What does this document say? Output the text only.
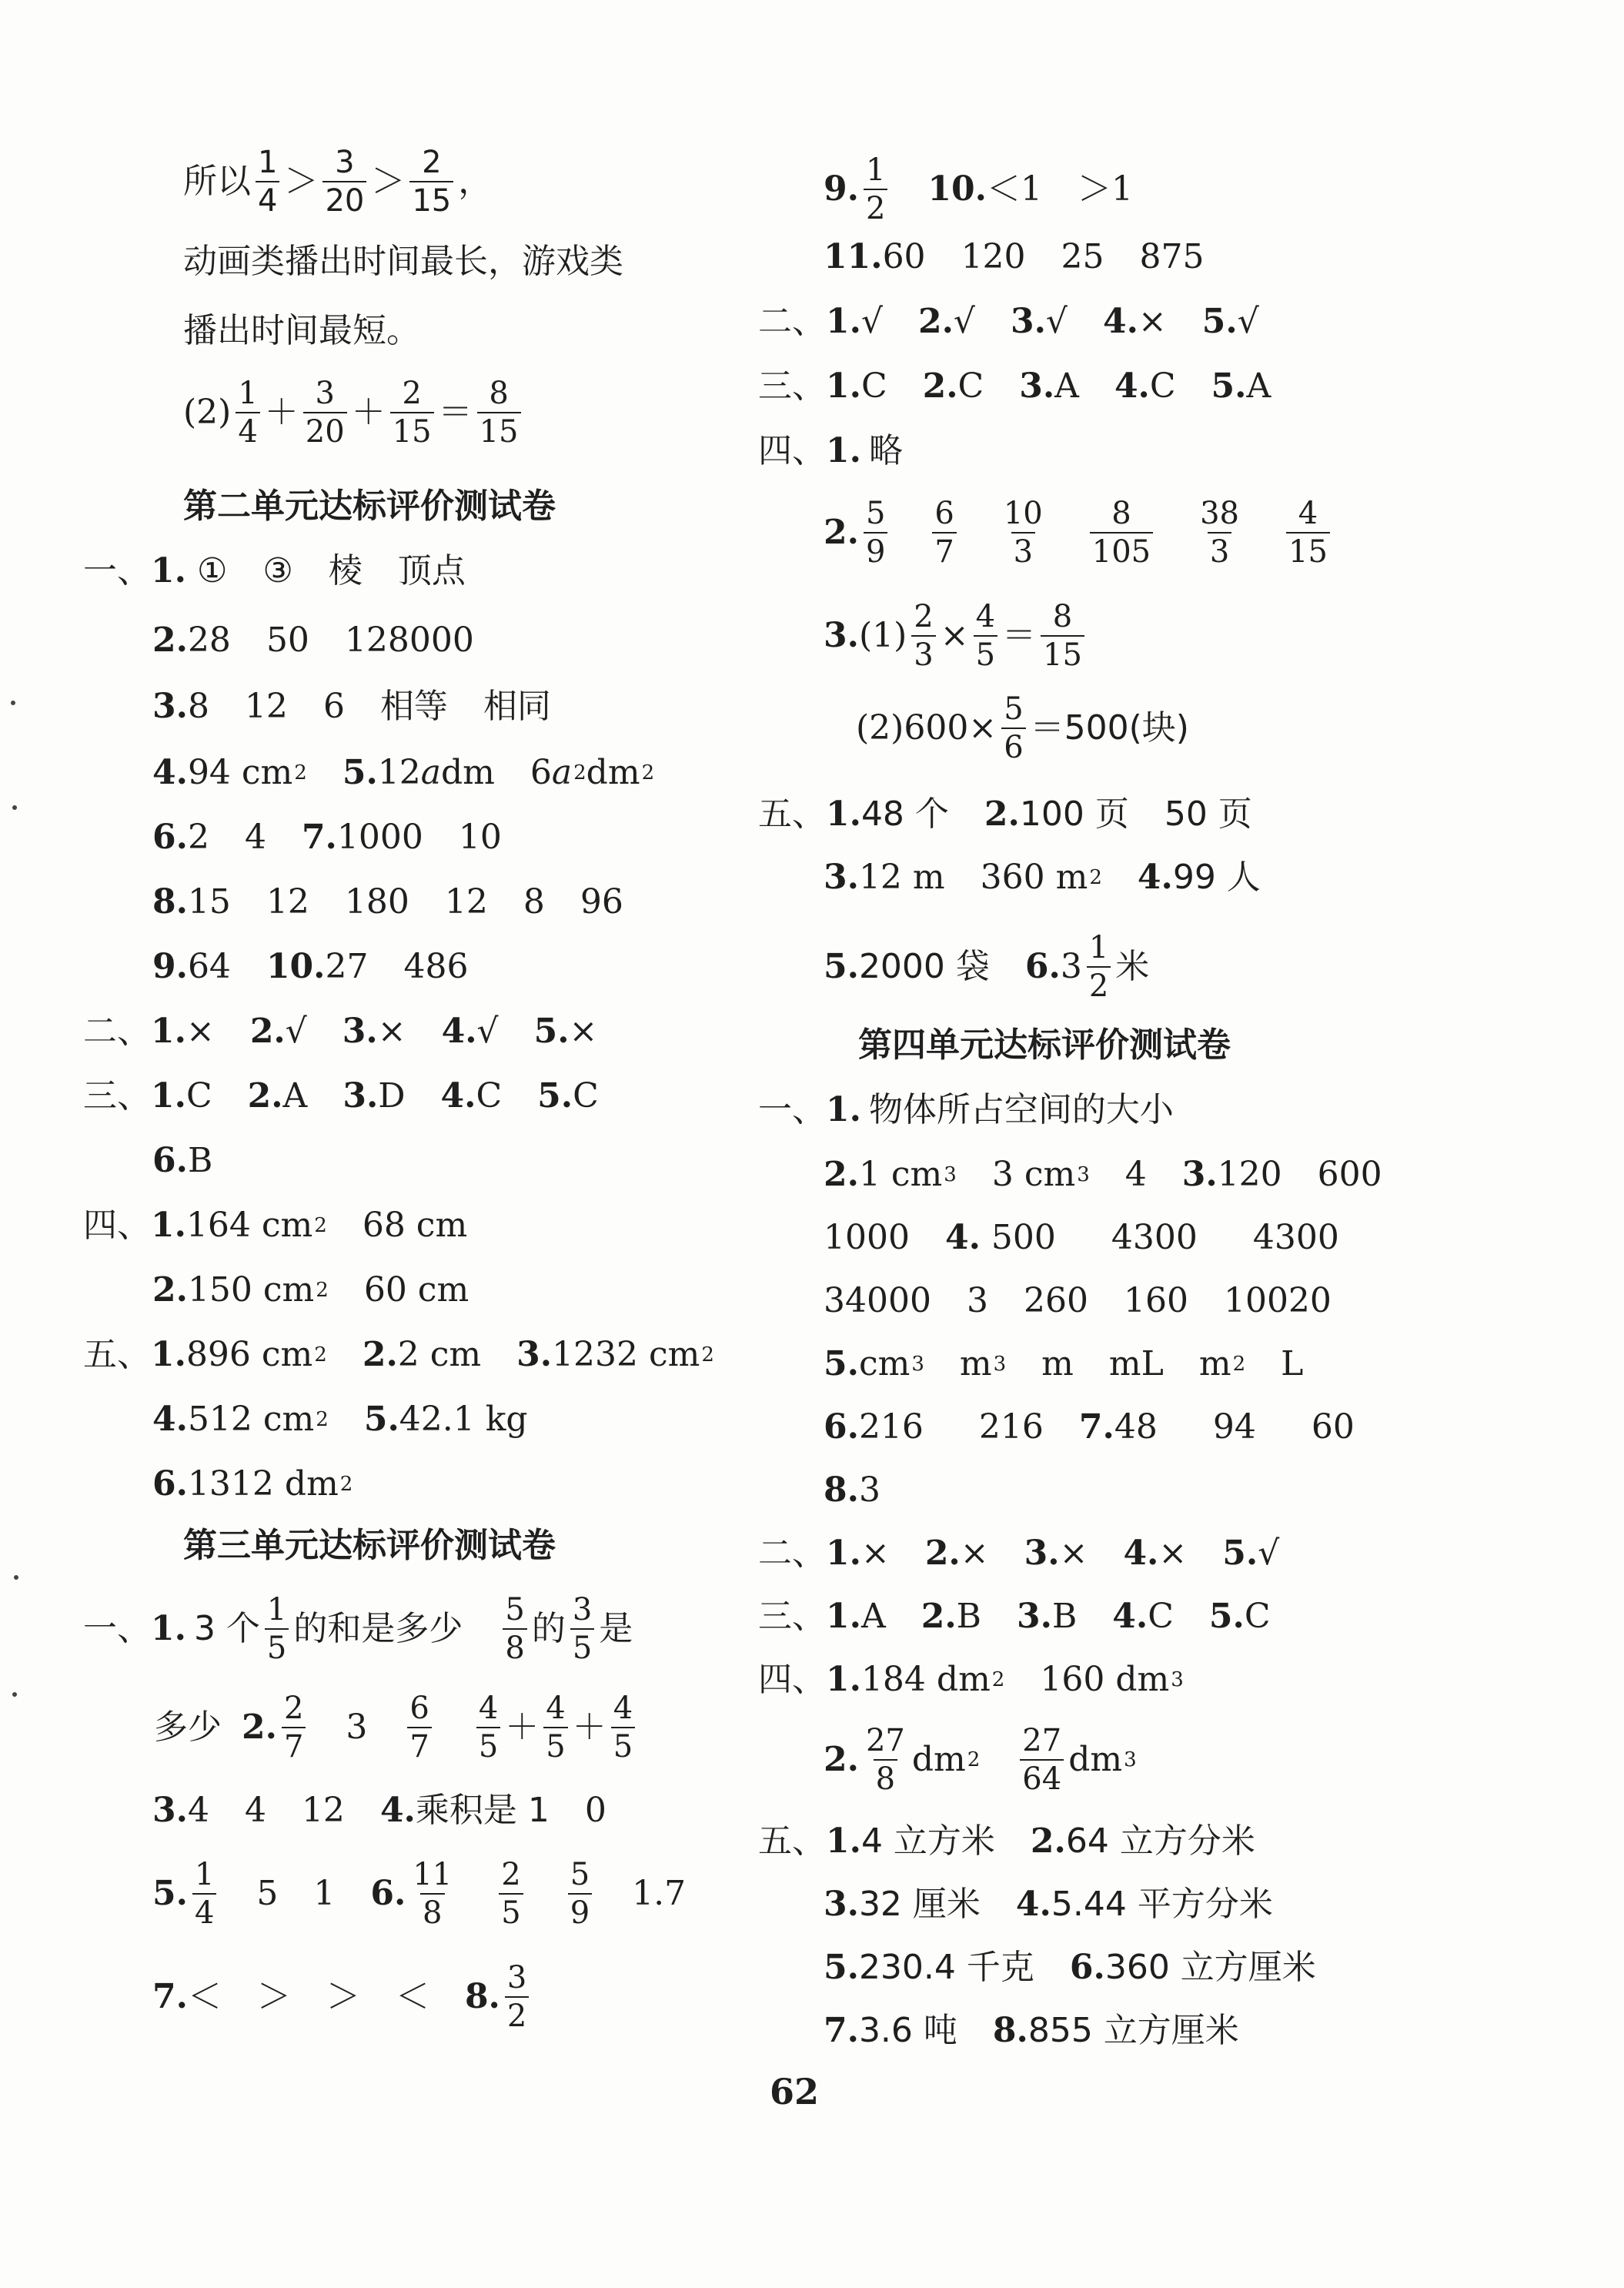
所以 $\frac{1}{4} > \frac{3}{20} > \frac{2}{15}$ ，
动画类播出时间最长，游戏类
播出时间最短。
$(2) \frac{1}{4} + \frac{3}{20} + \frac{2}{15} = \frac{8}{15}$
第二单元达标评价测试卷
一、 1. ① ③ 棱 顶点
2. 28 50 128000
3. 8 12 6 相等 相同
4. 94 cm 2 5. 12 a dm 6 a 2 dm 2
6. 2 4 7. 1000 10
8. 15 12 180 12 8 96
9. 64 10. 27 486
二、 1. × 2. √ 3. × 4. √ 5. ×
三、 1. C 2. A 3. D 4. C 5. C
6. B
四、 1. 164 cm 2 68 cm
2. 150 cm 2 60 cm
五、 1. 896 cm 2 2. 2 cm 3. 1232 cm 2
4. 512 cm 2 5. 42.1 kg
6. 1312 dm 2
第三单元达标评价测试卷
一、 1. 3 个 $\frac{1}{5}$ 的和是多少 $\frac{5}{8}$ 的 $\frac{3}{5}$ 是
多少 2. $\frac{2}{7} 3 \frac{6}{7} \frac{4}{5} + \frac{4}{5} + \frac{4}{5}$
3. 4 4 12 4. 乘积是 1 0
5. $\frac{1}{4} 5$ 1 6. $\frac{11}{8} \frac{2}{5} \frac{5}{9} 1.7$
7. ＜ ＞ ＞ ＜ 8. $\frac{3}{2}$
9. $\frac{1}{2} 10$. ＜1 ＞1
11. 60 120 25 875
二、 1. √ 2. √ 3. √ 4. × 5. √
三、 1. C 2. C 3. A 4. C 5. A
四、 1. 略
2. $\frac{5}{9} \frac{6}{7} \frac{10}{3} \frac{8}{105} \frac{38}{3} \frac{4}{15}$
3. $(1) \frac{2}{3} \times \frac{4}{5} = \frac{8}{15}$
$(2)600\times \frac{5}{6} =500$(块)
五、 1. 48 个 2. 100 页 50 页
3. 12 m 360 m 2 4. 99 人
5. 2000 袋 6. $3 \frac{1}{2}$ 米
第四单元达标评价测试卷
一、 1. 物体所占空间的大小
2. 1 cm 3 3 cm 3 4 3. 120 600
1000 4. 500 4300 4300
34000 3 260 160 10020
5. cm 3 m 3 m mL m 2 L
6. 216 216 7. 48 94 60
8. 3
二、 1. × 2. × 3. × 4. × 5. √
三、 1. A 2. B 3. B 4. C 5. C
四、 1. 184 dm 2 160 dm 3
2. $\frac{27}{8}$ dm $2 \frac{27}{64}$ dm 3
五、 1. 4 立方米 2. 64 立方分米
3. 32 厘米 4. 5.44 平方分米
5. 230.4 千克 6. 360 立方厘米
7. 3.6 吨 8. 855 立方厘米
62
